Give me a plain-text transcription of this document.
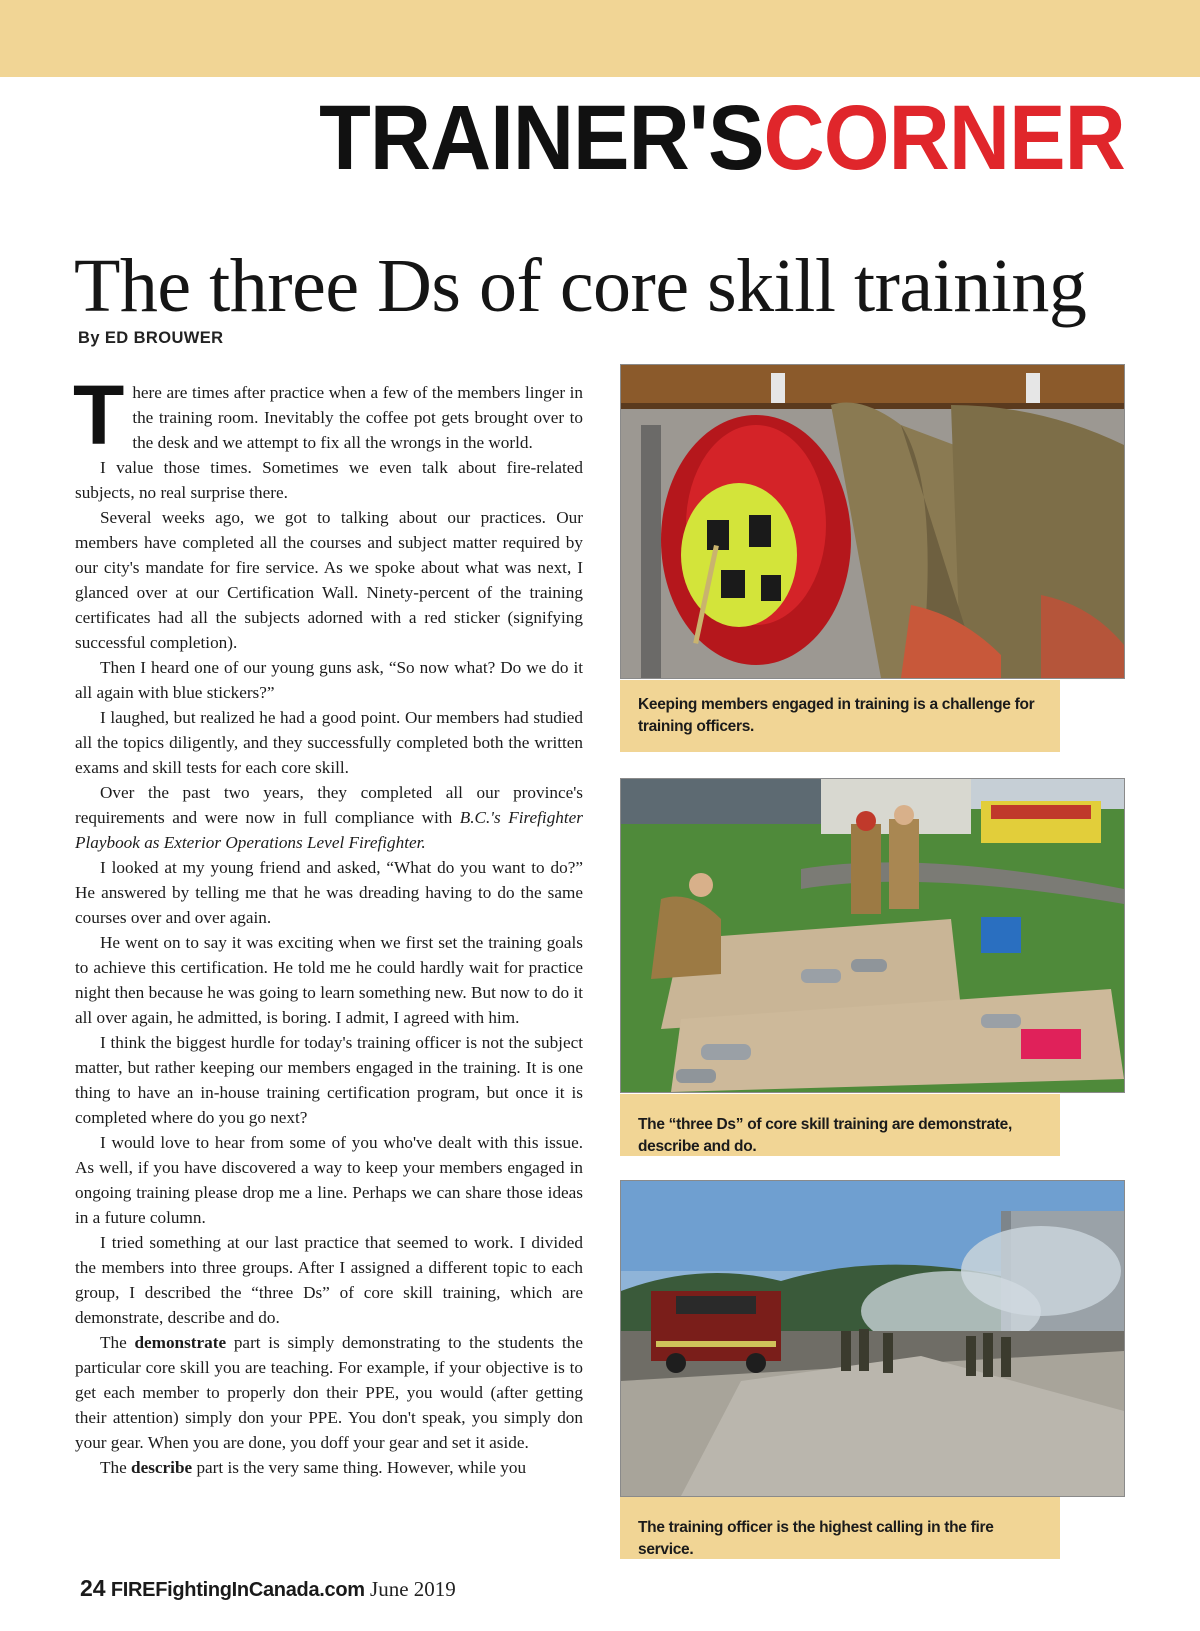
TRAINER'SCORNER
The three Ds of core skill training
By ED BROUWER

There are times after practice when a few of the members linger in the training room. Inevitably the coffee pot gets brought over to the desk and we attempt to fix all the wrongs in the world.

I value those times. Sometimes we even talk about fire-related subjects, no real surprise there.

Several weeks ago, we got to talking about our practices. Our members have completed all the courses and subject matter required by our city's mandate for fire service. As we spoke about what was next, I glanced over at our Certification Wall. Ninety-percent of the training certificates had all the subjects adorned with a red sticker (signifying successful completion).

Then I heard one of our young guns ask, “So now what? Do we do it all again with blue stickers?”

I laughed, but realized he had a good point. Our members had studied all the topics diligently, and they successfully completed both the written exams and skill tests for each core skill.

Over the past two years, they completed all our province's requirements and were now in full compliance with B.C.'s Firefighter Playbook as Exterior Operations Level Firefighter.

I looked at my young friend and asked, “What do you want to do?” He answered by telling me that he was dreading having to do the same courses over and over again.

He went on to say it was exciting when we first set the training goals to achieve this certification. He told me he could hardly wait for practice night then because he was going to learn something new. But now to do it all over again, he admitted, is boring. I admit, I agreed with him.

I think the biggest hurdle for today's training officer is not the subject matter, but rather keeping our members engaged in the training. It is one thing to have an in-house training certification program, but once it is completed where do you go next?

I would love to hear from some of you who've dealt with this issue. As well, if you have discovered a way to keep your members engaged in ongoing training please drop me a line. Perhaps we can share those ideas in a future column.

I tried something at our last practice that seemed to work. I divided the members into three groups. After I assigned a different topic to each group, I described the “three Ds” of core skill training, which are demonstrate, describe and do.

The demonstrate part is simply demonstrating to the students the particular core skill you are teaching. For example, if your objective is to get each member to properly don their PPE, you would (after getting their attention) simply don your PPE. You don't speak, you simply don your gear. When you are done, you doff your gear and set it aside.

The describe part is the very same thing. However, while you

Keeping members engaged in training is a challenge for training officers.
The “three Ds” of core skill training are demonstrate, describe and do.
The training officer is the highest calling in the fire service.
24 FIREFightingInCanada.com June 2019
